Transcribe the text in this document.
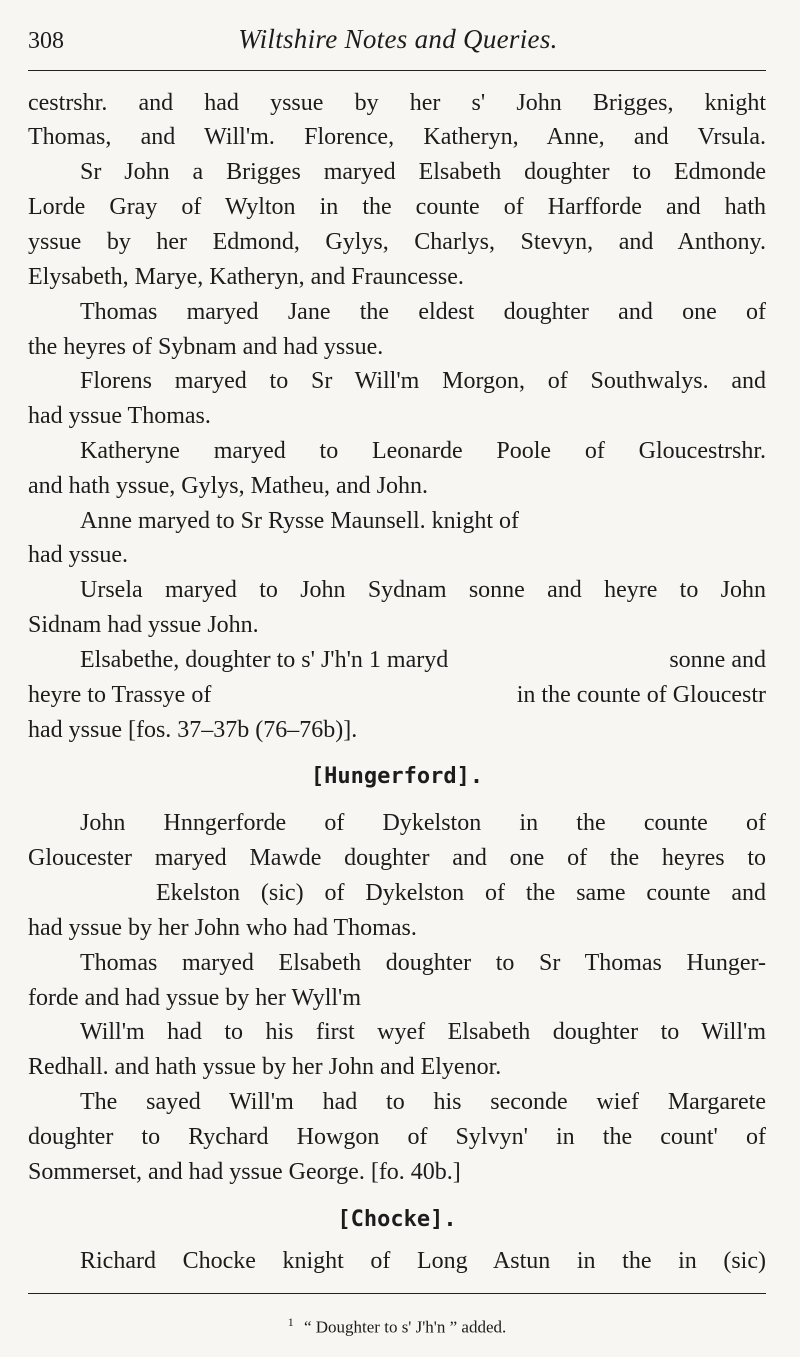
308	Wiltshire Notes and Queries.
cestrshr. and had yssue by her s' John Brigges, knight
Thomas, and Will'm. Florence, Katheryn, Anne, and Vrsula.
Sr John a Brigges maryed Elsabeth doughter to Edmonde
Lorde Gray of Wylton in the counte of Harfforde and hath
yssue by her Edmond, Gylys, Charlys, Stevyn, and Anthony.
Elysabeth, Marye, Katheryn, and Frauncesse.
Thomas maryed Jane the eldest doughter and one of
the heyres of Sybnam and had yssue.
Florens maryed to Sr Will'm Morgon, of Southwalys. and
had yssue Thomas.
Katheryne maryed to Leonarde Poole of Gloucestrshr.
and hath yssue, Gylys, Matheu, and John.
Anne maryed to Sr Rysse Maunsell. knight of
had yssue.
Ursela maryed to John Sydnam sonne and heyre to John
Sidnam had yssue John.
Elsabethe, doughter to s' J'h'n 1 maryd	sonne and
heyre to Trassye of	in the counte of Gloucestr
had yssue [fos. 37–37b (76–76b)].
[Hungerford].
John Hnngerforde of Dykelston in the counte of
Gloucester maryed Mawde doughter and one of the heyres to
Ekelston (sic) of Dykelston of the same counte and
had yssue by her John who had Thomas.
Thomas maryed Elsabeth doughter to Sr Thomas Hunger-
forde and had yssue by her Wyll'm
Will'm had to his first wyef Elsabeth doughter to Will'm
Redhall. and hath yssue by her John and Elyenor.
The sayed Will'm had to his seconde wief Margarete
doughter to Rychard Howgon of Sylvyn' in the count' of
Sommerset, and had yssue George. [fo. 40b.]
[Chocke].
Richard Chocke knight of Long Astun in the in (sic)
$^1$ “ Doughter to s' J'h'n ” added.
